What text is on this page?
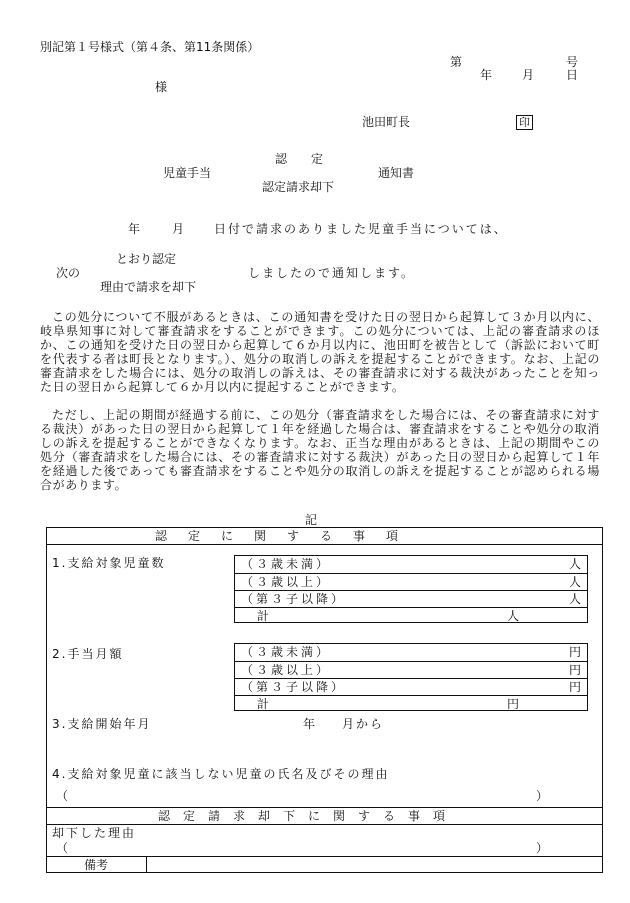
別記第１号様式（第４条、第11条関係）
第	号
年 月	日
様
池田町長	印
認　　定
児童手当	通知書
認定請求却下
年	月 日付で請求のありました児童手当については、
とおり認定
次の	しましたので通知します。
理由で請求を却下
この処分について不服があるときは、この通知書を受けた日の翌日から起算して３か月以内に、岐阜県知事に対して審査請求をすることができます。この処分については、上記の審査請求のほか、この通知を受けた日の翌日から起算して６か月以内に、池田町を被告として（訴訟において町を代表する者は町長となります。）、処分の取消しの訴えを提起することができます。なお、上記の審査請求をした場合には、処分の取消しの訴えは、その審査請求に対する裁決があったことを知った日の翌日から起算して６か月以内に提起することができます。
ただし、上記の期間が経過する前に、この処分（審査請求をした場合には、その審査請求に対する裁決）があった日の翌日から起算して１年を経過した場合は、審査請求をすることや処分の取消しの訴えを提起することができなくなります。なお、正当な理由があるときは、上記の期間やこの処分（審査請求をした場合には、その審査請求に対する裁決）があった日の翌日から起算して１年を経過した後であっても審査請求をすることや処分の取消しの訴えを提起することが認められる場合があります。
記
認定に関する事項
1.支給対象児童数	（３歳未満）	人
（３歳以上）	人
（第３子以降）	人
計	人
2.手当月額	（３歳未満）	円
（３歳以上）	円
（第３子以降）	円
計	円
3.支給開始年月	年 月から
4.支給対象児童に該当しない児童の氏名及びその理由
（	）
認定請求却下に関する事項
却下した理由
（	）
備考
